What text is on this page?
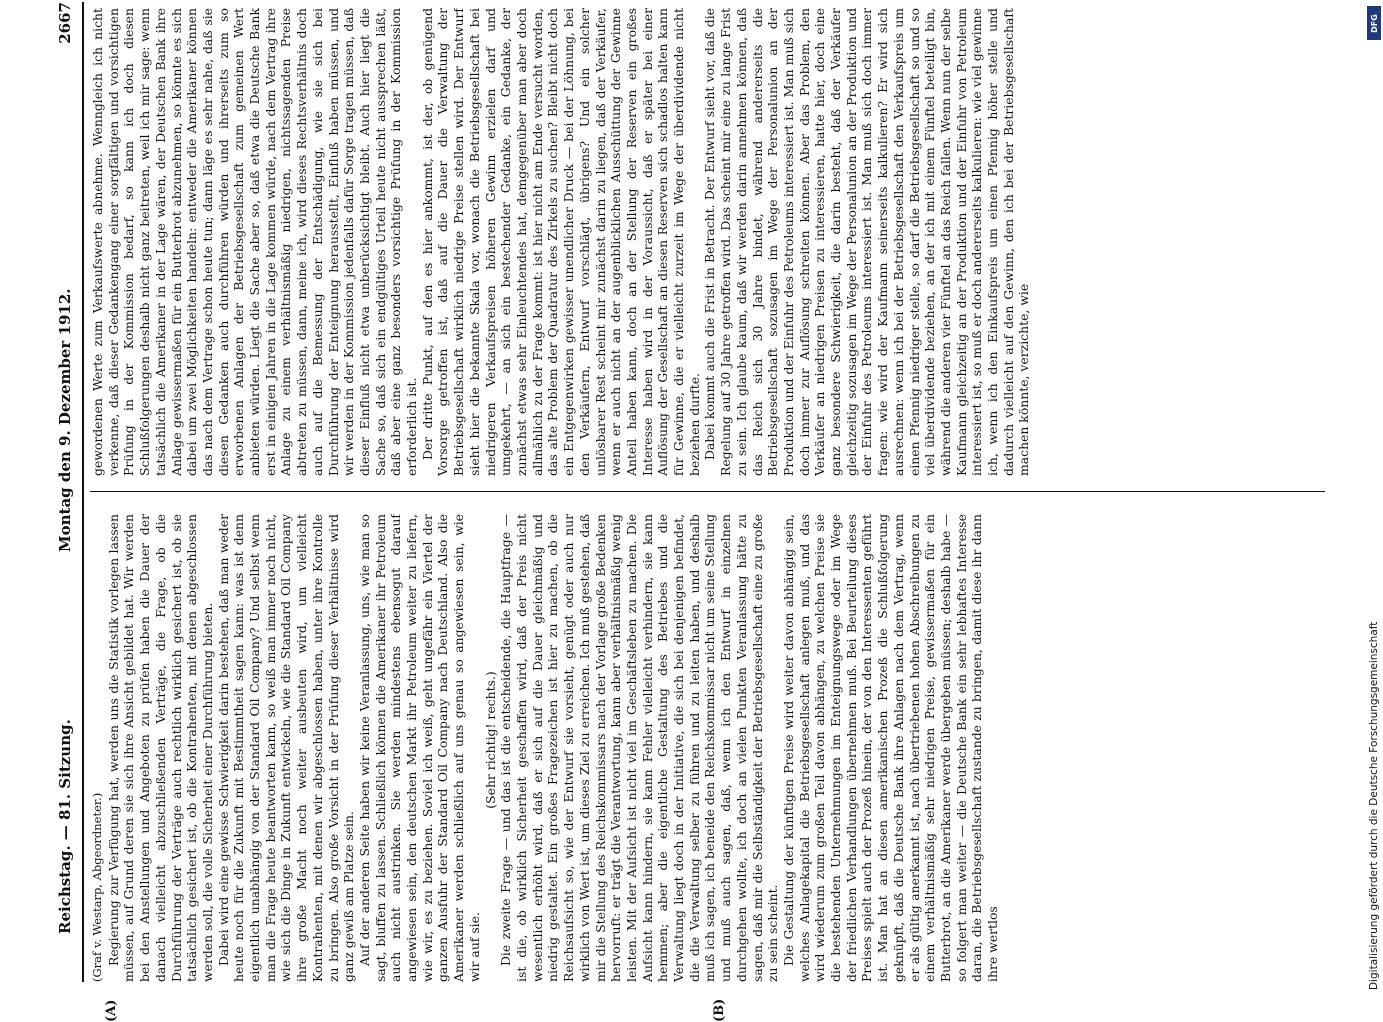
Reichstag. — 81. Sitzung.
Montag den 9. Dezember 1912.
2667
(A)	(B)

(Graf v. Westarp, Abgeordneter.) Regierung zur Verfügung hat, werden uns die Statistik vorlegen lassen müssen, auf Grund deren sie sich ihre Ansicht gebildet hat. Wir werden bei den Anstellungen und Angeboten zu prüfen haben die Dauer der danach vielleicht abzuschließenden Verträge, die Frage, ob die Durchführung der Verträge auch rechtlich wirklich gesichert ist, ob sie tatsächlich gesichert ist, ob die Kontrahenten, mit denen abgeschlossen werden soll, die volle Sicherheit einer Durchführung bieten. Dabei wird eine gewisse Schwierigkeit darin bestehen, daß man weder heute noch für die Zukunft mit Bestimmtheit sagen kann: was ist denn eigentlich unabhängig von der Standard Oil Company? Und selbst wenn man die Frage heute beantworten kann, so weiß man immer noch nicht, wie sich die Dinge in Zukunft entwickeln, wie die Standard Oil Company ihre große Macht noch weiter ausbeuten wird, um vielleicht Kontrahenten, mit denen wir abgeschlossen haben, unter ihre Kontrolle zu bringen. Also große Vorsicht in der Prüfung dieser Verhältnisse wird ganz gewiß am Platze sein. Auf der anderen Seite haben wir keine Veranlassung, uns, wie man so sagt, bluffen zu lassen. Schließlich können die Amerikaner ihr Petroleum auch nicht austrinken. Sie werden mindestens ebensogut darauf angewiesen sein, den deutschen Markt ihr Petroleum weiter zu liefern, wie wir, es zu beziehen. Soviel ich weiß, geht ungefähr ein Viertel der ganzen Ausfuhr der Standard Oil Company nach Deutschland. Also die Amerikaner werden schließlich auf uns genau so angewiesen sein, wie wir auf sie.

(Sehr richtig! rechts.) Die zweite Frage — und das ist die entscheidende, die Hauptfrage — ist die, ob wirklich Sicherheit geschaffen wird, daß der Preis nicht wesentlich erhöht wird, daß er sich auf die Dauer gleichmäßig und niedrig gestaltet. Ein großes Fragezeichen ist hier zu machen, ob die Reichsaufsicht so, wie der Entwurf sie vorsieht, genügt oder auch nur wirklich von Wert ist, um dieses Ziel zu erreichen. Ich muß gestehen, daß mir die Stellung des Reichskommissars nach der Vorlage große Bedenken hervorruft: er trägt die Verantwortung, kann aber verhältnismäßig wenig leisten. Mit der Aufsicht ist nicht viel im Geschäftsleben zu machen. Die Aufsicht kann hindern, sie kann Fehler vielleicht verhindern, sie kann hemmen; aber die eigentliche Gestaltung des Betriebes und die Verwaltung liegt doch in der Initiative, die sich bei denjenigen befindet, die die Verwaltung selber zu führen und zu leiten haben, und deshalb muß ich sagen, ich beneide den Reichskommissar nicht um seine Stellung und muß auch sagen, daß, wenn ich den Entwurf in einzelnen durchgehen wollte, ich doch an vielen Punkten Veranlassung hätte zu sagen, daß mir die Selbständigkeit der Betriebsgesellschaft eine zu große zu sein scheint. Die Gestaltung der künftigen Preise wird weiter davon abhängig sein, welches Anlagekapital die Betriebsgesellschaft anlegen muß, und das wird wiederum zum großen Teil davon abhängen, zu welchen Preise sie die bestehenden Unternehmungen im Enteignungswege oder im Wege der friedlichen Verhandlungen übernehmen muß. Bei Beurteilung dieses Preises spielt auch der Prozeß hinein, der von den Interessenten geführt ist. Man hat an diesen amerikanischen Prozeß die Schlußfolgerung geknüpft, daß die Deutsche Bank ihre Anlagen nach dem Vertrag, wenn er als gültig anerkannt ist, nach übertriebenen hohen Abschreibungen zu einem verhältnismäßig sehr niedrigen Preise, gewissermaßen für ein Butterbrot, an die Amerikaner werde übergeben müssen; deshalb habe — so folgert man weiter — die Deutsche Bank ein sehr lebhaftes Interesse daran, die Betriebsgesellschaft zustande zu bringen, damit diese ihr dann ihre wertlos

gewordenen Werte zum Verkaufswerte abnehme. Wenngleich ich nicht verkenne, daß dieser Gedankengang einer sorgfältigen und vorsichtigen Prüfung in der Kommission bedarf, so kann ich doch diesen Schlußfolgerungen deshalb nicht ganz beitreten, weil ich mir sage: wenn tatsächlich die Amerikaner in der Lage wären, der Deutschen Bank ihre Anlage gewissermaßen für ein Butterbrot abzunehmen, so könnte es sich dabei um zwei Möglichkeiten handeln: entweder die Amerikaner können das nach dem Vertrage schon heute tun; dann läge es sehr nahe, daß sie diesen Gedanken auch durchführen würden und ihrerseits zum so erworbenen Anlagen der Betriebsgesellschaft zum gemeinen Wert anbieten würden. Liegt die Sache aber so, daß etwa die Deutsche Bank erst in einigen Jahren in die Lage kommen würde, nach dem Vertrag ihre Anlage zu einem verhältnismäßig niedrigen, nichtssagenden Preise abtreten zu müssen, dann, meine ich, wird dieses Rechtsverhältnis doch auch auf die Bemessung der Entschädigung, wie sie sich bei Durchführung der Enteignung herausstellt, Einfluß haben müssen, und wir werden in der Kommission jedenfalls dafür Sorge tragen müssen, daß dieser Einfluß nicht etwa unberücksichtigt bleibt. Auch hier liegt die Sache so, daß sich ein endgültiges Urteil heute nicht aussprechen läßt, daß aber eine ganz besonders vorsichtige Prüfung in der Kommission erforderlich ist. Der dritte Punkt, auf den es hier ankommt, ist der, ob genügend Vorsorge getroffen ist, daß auf die Dauer die Verwaltung der Betriebsgesellschaft wirklich niedrige Preise stellen wird. Der Entwurf sieht hier die bekannte Skala vor, wonach die Betriebsgesellschaft bei niedrigeren Verkaufspreisen höheren Gewinn erzielen darf und umgekehrt, — an sich ein bestechender Gedanke, ein Gedanke, der zunächst etwas sehr Einleuchtendes hat, demgegenüber man aber doch allmählich zu der Frage kommt: ist hier nicht am Ende versucht worden, das alte Problem der Quadratur des Zirkels zu suchen? Bleibt nicht doch ein Entgegenwirken gewisser unendlicher Druck — bei der Löhnung, bei den Verkäufern, Entwurf vorschlägt, übrigens? Und ein solcher unlösbarer Rest scheint mir zunächst darin zu liegen, daß der Verkäufer, wenn er auch nicht an der augenblicklichen Ausschüttung der Gewinne Anteil haben kann, doch an der Stellung der Reserven ein großes Interesse haben wird in der Voraussicht, daß er später bei einer Auflösung der Gesellschaft an diesen Reserven sich schadlos halten kann für Gewinne, die er vielleicht zurzeit im Wege der überdividende nicht beziehen durfte. Dabei kommt auch die Frist in Betracht. Der Entwurf sieht vor, daß die Regelung auf 30 Jahre getroffen wird. Das scheint mir eine zu lange Frist zu sein. Ich glaube kaum, daß wir werden darin annehmen können, daß das Reich sich 30 Jahre bindet, während andererseits die Betriebsgesellschaft sozusagen im Wege der Personalunion an der Produktion und der Einfuhr des Petroleums interessiert ist. Man muß sich doch immer zur Auflösung schreiten können. Aber das Problem, den Verkäufer an niedrigen Preisen zu interessieren, hatte hier, doch eine ganz besondere Schwierigkeit, die darin besteht, daß der Verkäufer gleichzeitig sozusagen im Wege der Personalunion an der Produktion und der Einfuhr des Petroleums interessiert ist. Man muß sich doch immer fragen: wie wird der Kaufmann seinerseits kalkulieren? Er wird sich ausrechnen: wenn ich bei der Betriebsgesellschaft den Verkaufspreis um einen Pfennig niedriger stelle, so darf die Betriebsgesellschaft so und so viel überdividende beziehen, an der ich mit einem Fünftel beteiligt bin, während die anderen vier Fünftel an das Reich fallen. Wenn nun der selbe Kaufmann gleichzeitig an der Produktion und der Einfuhr von Petroleum interessiert ist, so muß er doch andererseits kalkulieren: wie viel gewinne ich, wenn ich den Einkaufspreis um einen Pfennig höher stelle und dadurch vielleicht auf den Gewinn, den ich bei der Betriebsgesellschaft machen könnte, verzichte, wie

Digitalisierung gefördert durch die Deutsche Forschungsgemeinschaft
DFG
